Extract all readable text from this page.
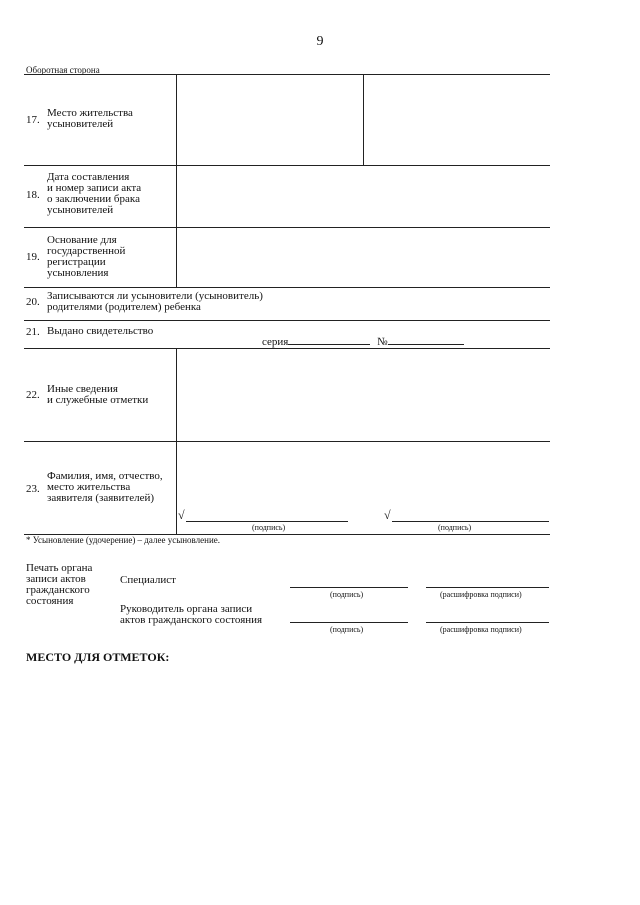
9
Оборотная сторона
17.
Место жительства
усыновителей
18.
Дата составления
и номер записи акта
о заключении брака
усыновителей
19.
Основание для
государственной
регистрации
усыновления
20. Записываются ли усыновители (усыновитель)
родителями (родителем) ребенка
21. Выдано свидетельство
серия	№
22. Иные сведения
и служебные отметки
23.
Фамилия, имя, отчество,
место жительства
заявителя (заявителей)
√
(подпись)
√
(подпись)
* Усыновление (удочерение) – далее усыновление.
Печать органа
записи актов
гражданского
состояния
Специалист
(подпись)	(расшифровка подписи)
Руководитель органа записи
актов гражданского состояния
(подпись)	(расшифровка подписи)
МЕСТО ДЛЯ ОТМЕТОК:
